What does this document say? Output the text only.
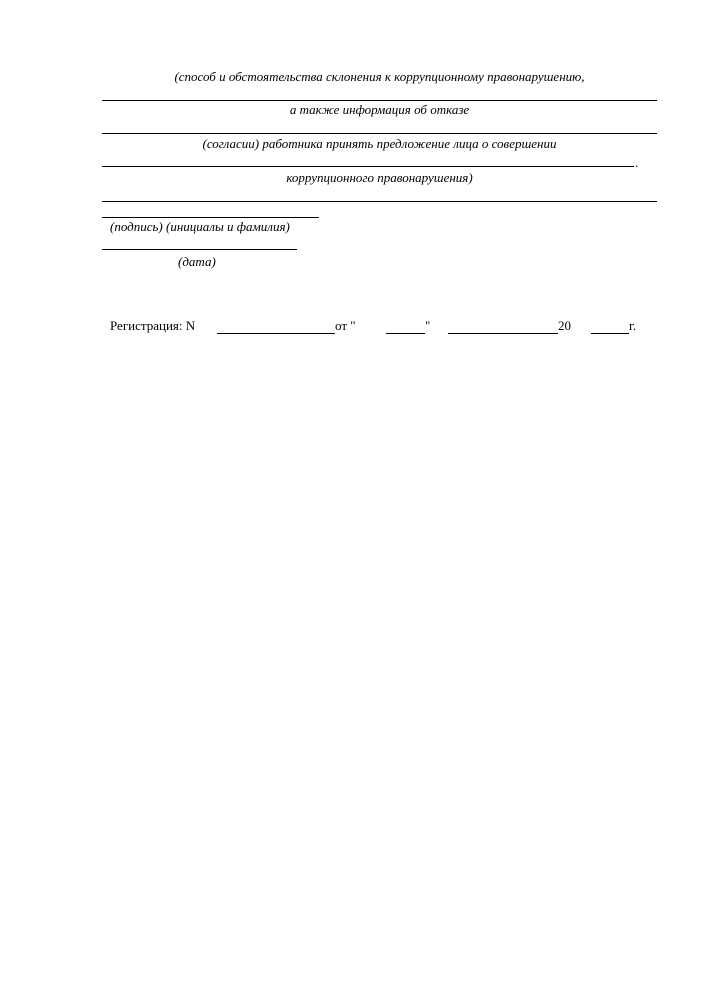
(способ и обстоятельства склонения к коррупционному правонарушению,
а также информация об отказе
(согласии) работника принять предложение лица о совершении
.
коррупционного правонарушения)
(подпись) (инициалы и фамилия)
(дата)
Регистрация: N	от "	"	20	г.
